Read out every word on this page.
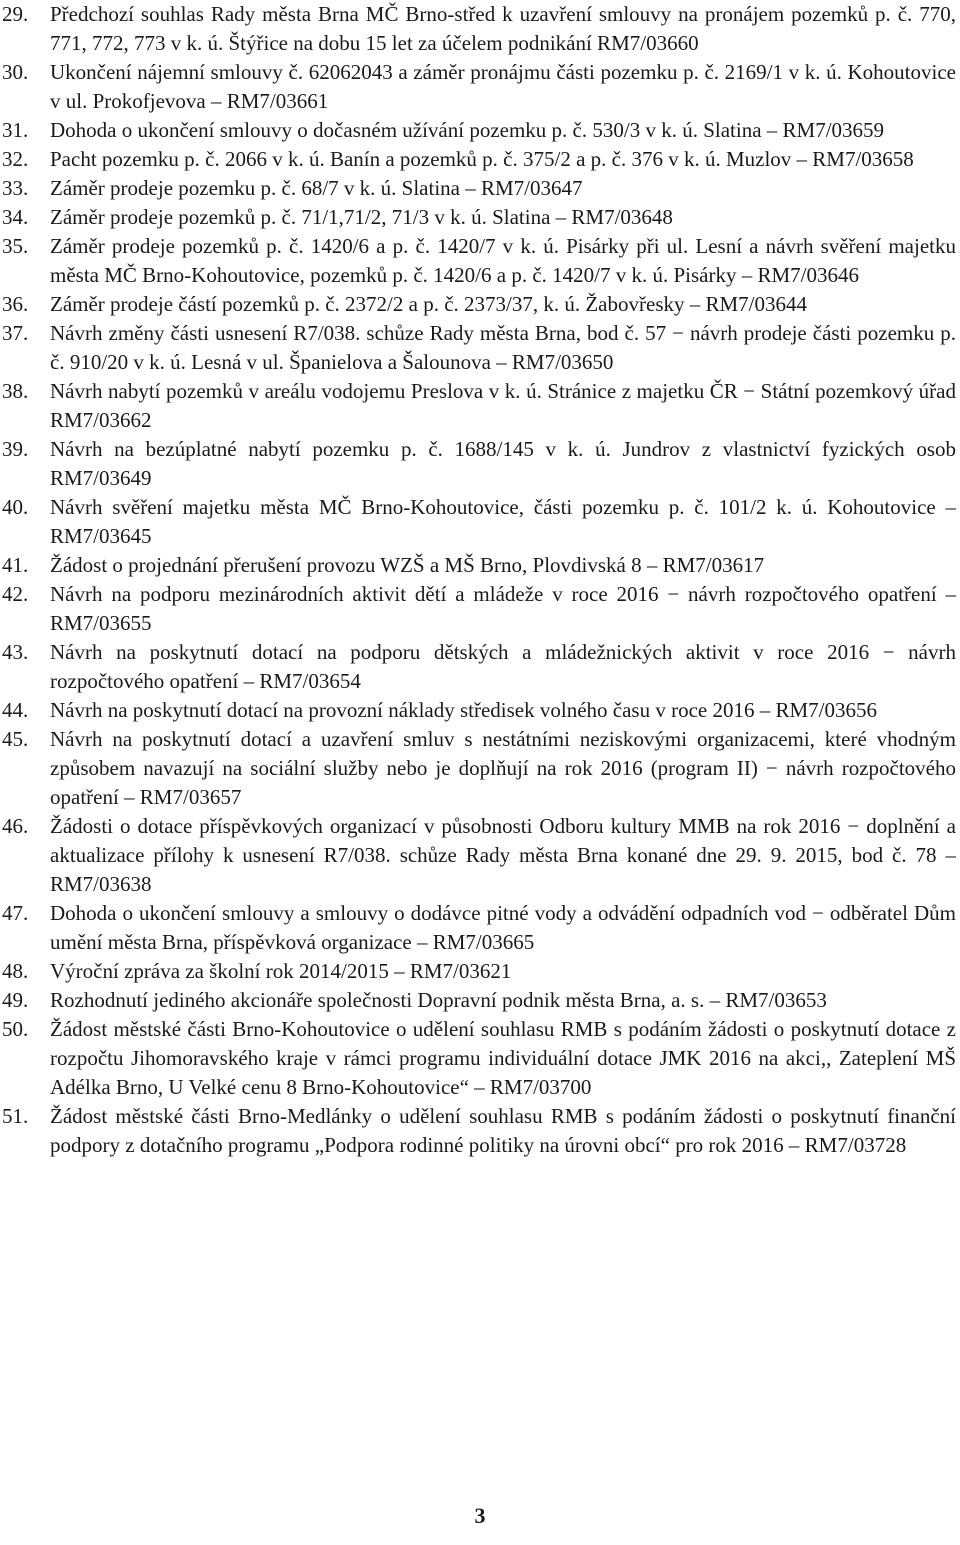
29.	Předchozí souhlas Rady města Brna MČ Brno-střed k uzavření smlouvy na pronájem pozemků p. č. 770, 771, 772, 773 v k. ú. Štýřice na dobu 15 let za účelem podnikání RM7/03660
30.	Ukončení nájemní smlouvy č. 62062043 a záměr pronájmu části pozemku p. č. 2169/1 v k. ú. Kohoutovice v ul. Prokofjevova – RM7/03661
31.	Dohoda o ukončení smlouvy o dočasném užívání pozemku p. č. 530/3 v k. ú. Slatina – RM7/03659
32.	Pacht pozemku p. č. 2066 v k. ú. Banín a pozemků p. č. 375/2 a p. č. 376 v k. ú. Muzlov – RM7/03658
33.	Záměr prodeje pozemku p. č. 68/7 v k. ú. Slatina – RM7/03647
34.	Záměr prodeje pozemků p. č. 71/1,71/2, 71/3 v k. ú. Slatina – RM7/03648
35.	Záměr prodeje pozemků p. č. 1420/6 a p. č. 1420/7 v k. ú. Pisárky při ul. Lesní a návrh svěření majetku města MČ Brno-Kohoutovice, pozemků p. č. 1420/6 a p. č. 1420/7 v k. ú. Pisárky – RM7/03646
36.	Záměr prodeje částí pozemků p. č. 2372/2 a p. č. 2373/37, k. ú. Žabovřesky – RM7/03644
37.	Návrh změny části usnesení R7/038. schůze Rady města Brna, bod č. 57 − návrh prodeje části pozemku p. č. 910/20 v k. ú. Lesná v ul. Španielova a Šalounova – RM7/03650
38.	Návrh nabytí pozemků v areálu vodojemu Preslova v k. ú. Stránice z majetku ČR − Státní pozemkový úřad RM7/03662
39.	Návrh na bezúplatné nabytí pozemku p. č. 1688/145 v k. ú. Jundrov z vlastnictví fyzických osob RM7/03649
40.	Návrh svěření majetku města MČ Brno-Kohoutovice, části pozemku p. č. 101/2 k. ú. Kohoutovice – RM7/03645
41.	Žádost o projednání přerušení provozu WZŠ a MŠ Brno, Plovdivská 8 – RM7/03617
42.	Návrh na podporu mezinárodních aktivit dětí a mládeže v roce 2016 − návrh rozpočtového opatření – RM7/03655
43.	Návrh na poskytnutí dotací na podporu dětských a mládežnických aktivit v roce 2016 − návrh rozpočtového opatření – RM7/03654
44.	Návrh na poskytnutí dotací na provozní náklady středisek volného času v roce 2016 – RM7/03656
45.	Návrh na poskytnutí dotací a uzavření smluv s nestátními neziskovými organizacemi, které vhodným způsobem navazují na sociální služby nebo je doplňují na rok 2016 (program II) − návrh rozpočtového opatření – RM7/03657
46.	Žádosti o dotace příspěvkových organizací v působnosti Odboru kultury MMB na rok 2016 − doplnění a aktualizace přílohy k usnesení R7/038. schůze Rady města Brna konané dne 29. 9. 2015, bod č. 78 – RM7/03638
47.	Dohoda o ukončení smlouvy a smlouvy o dodávce pitné vody a odvádění odpadních vod − odběratel Dům umění města Brna, příspěvková organizace – RM7/03665
48.	Výroční zpráva za školní rok 2014/2015 – RM7/03621
49.	Rozhodnutí jediného akcionáře společnosti Dopravní podnik města Brna, a. s. – RM7/03653
50.	Žádost městské části Brno-Kohoutovice o udělení souhlasu RMB s podáním žádosti o poskytnutí dotace z rozpočtu Jihomoravského kraje v rámci programu individuální dotace JMK 2016 na akci,, Zateplení MŠ Adélka Brno, U Velké cenu 8 Brno-Kohoutovice“ – RM7/03700
51.	Žádost městské části Brno-Medlánky o udělení souhlasu RMB s podáním žádosti o poskytnutí finanční podpory z dotačního programu „Podpora rodinné politiky na úrovni obcí“ pro rok 2016 – RM7/03728
3
